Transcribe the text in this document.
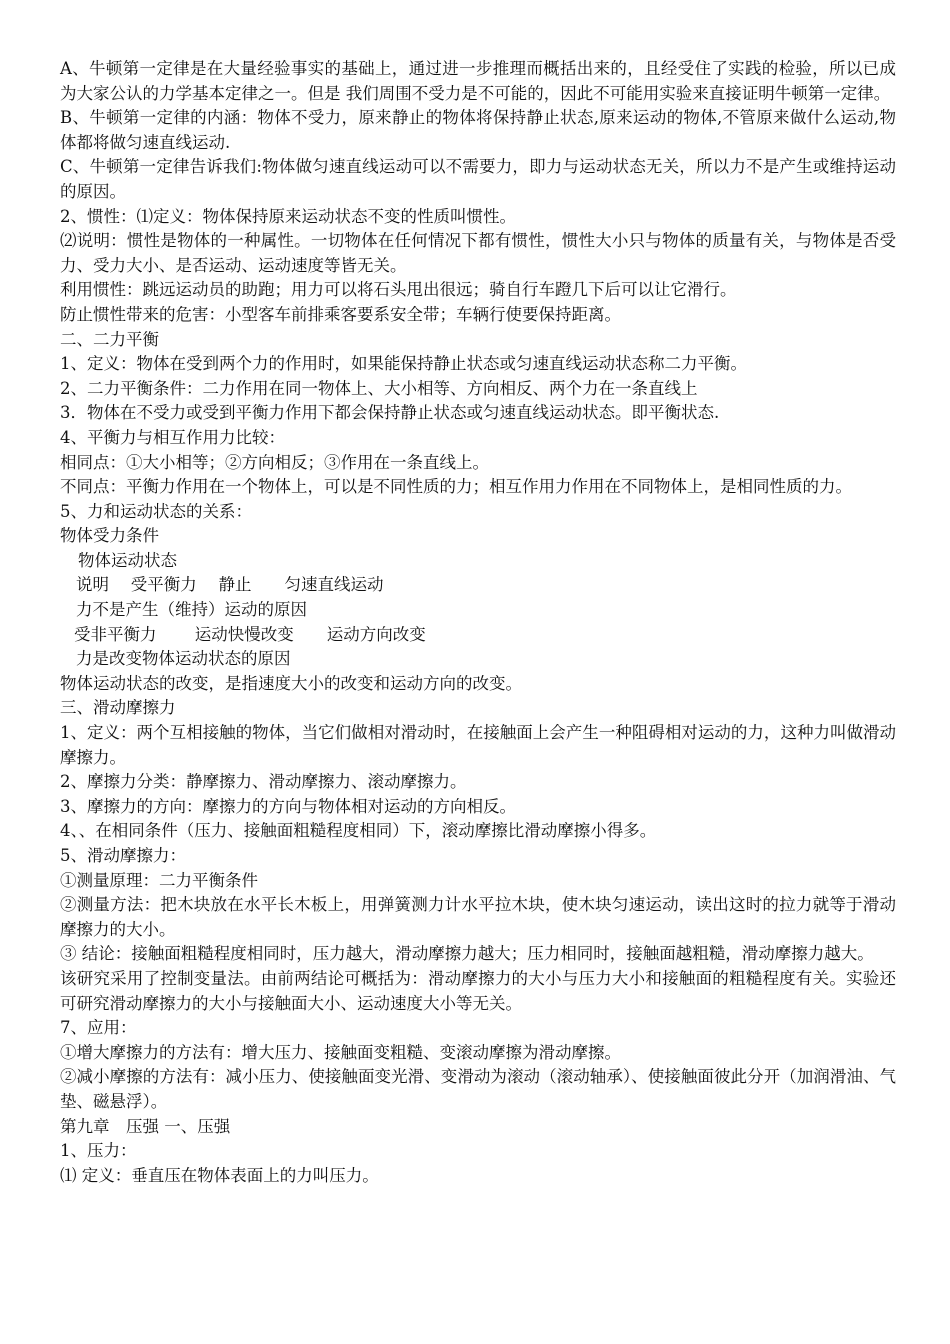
A、牛顿第一定律是在大量经验事实的基础上，通过进一步推理而概括出来的，且经受住了实践的检验，所以已成为大家公认的力学基本定律之一。但是 我们周围不受力是不可能的，因此不可能用实验来直接证明牛顿第一定律。

B、牛顿第一定律的内涵：物体不受力，原来静止的物体将保持静止状态,原来运动的物体,不管原来做什么运动,物体都将做匀速直线运动.

C、牛顿第一定律告诉我们:物体做匀速直线运动可以不需要力，即力与运动状态无关，所以力不是产生或维持运动的原因。

2、惯性：⑴定义：物体保持原来运动状态不变的性质叫惯性。

⑵说明：惯性是物体的一种属性。一切物体在任何情况下都有惯性，惯性大小只与物体的质量有关，与物体是否受力、受力大小、是否运动、运动速度等皆无关。

利用惯性：跳远运动员的助跑；用力可以将石头甩出很远；骑自行车蹬几下后可以让它滑行。

防止惯性带来的危害：小型客车前排乘客要系安全带；车辆行使要保持距离。

二、二力平衡

1、定义：物体在受到两个力的作用时，如果能保持静止状态或匀速直线运动状态称二力平衡。

2、二力平衡条件：二力作用在同一物体上、大小相等、方向相反、两个力在一条直线上

3．物体在不受力或受到平衡力作用下都会保持静止状态或匀速直线运动状态。即平衡状态.

4、平衡力与相互作用力比较：

相同点：①大小相等；②方向相反；③作用在一条直线上。

不同点：平衡力作用在一个物体上，可以是不同性质的力；相互作用力作用在不同物体上，是相同性质的力。

5、力和运动状态的关系：

物体受力条件

物体运动状态

说明　 受平衡力　 静止　　匀速直线运动

力不是产生（维持）运动的原因

受非平衡力　　 运动快慢改变　　运动方向改变

力是改变物体运动状态的原因

物体运动状态的改变，是指速度大小的改变和运动方向的改变。

三、滑动摩擦力

1、定义：两个互相接触的物体，当它们做相对滑动时，在接触面上会产生一种阻碍相对运动的力，这种力叫做滑动摩擦力。

2、摩擦力分类：静摩擦力、滑动摩擦力、滚动摩擦力。

3、摩擦力的方向：摩擦力的方向与物体相对运动的方向相反。

4、、在相同条件（压力、接触面粗糙程度相同）下，滚动摩擦比滑动摩擦小得多。

5、滑动摩擦力：

①测量原理：二力平衡条件

②测量方法：把木块放在水平长木板上，用弹簧测力计水平拉木块，使木块匀速运动，读出这时的拉力就等于滑动摩擦力的大小。

③ 结论：接触面粗糙程度相同时，压力越大，滑动摩擦力越大；压力相同时，接触面越粗糙，滑动摩擦力越大。

该研究采用了控制变量法。由前两结论可概括为：滑动摩擦力的大小与压力大小和接触面的粗糙程度有关。实验还可研究滑动摩擦力的大小与接触面大小、运动速度大小等无关。

7、应用：

①增大摩擦力的方法有：增大压力、接触面变粗糙、变滚动摩擦为滑动摩擦。

②减小摩擦的方法有：减小压力、使接触面变光滑、变滑动为滚动（滚动轴承）、使接触面彼此分开（加润滑油、气垫、磁悬浮）。

第九章　压强 一、压强

1、压力：

⑴ 定义：垂直压在物体表面上的力叫压力。
